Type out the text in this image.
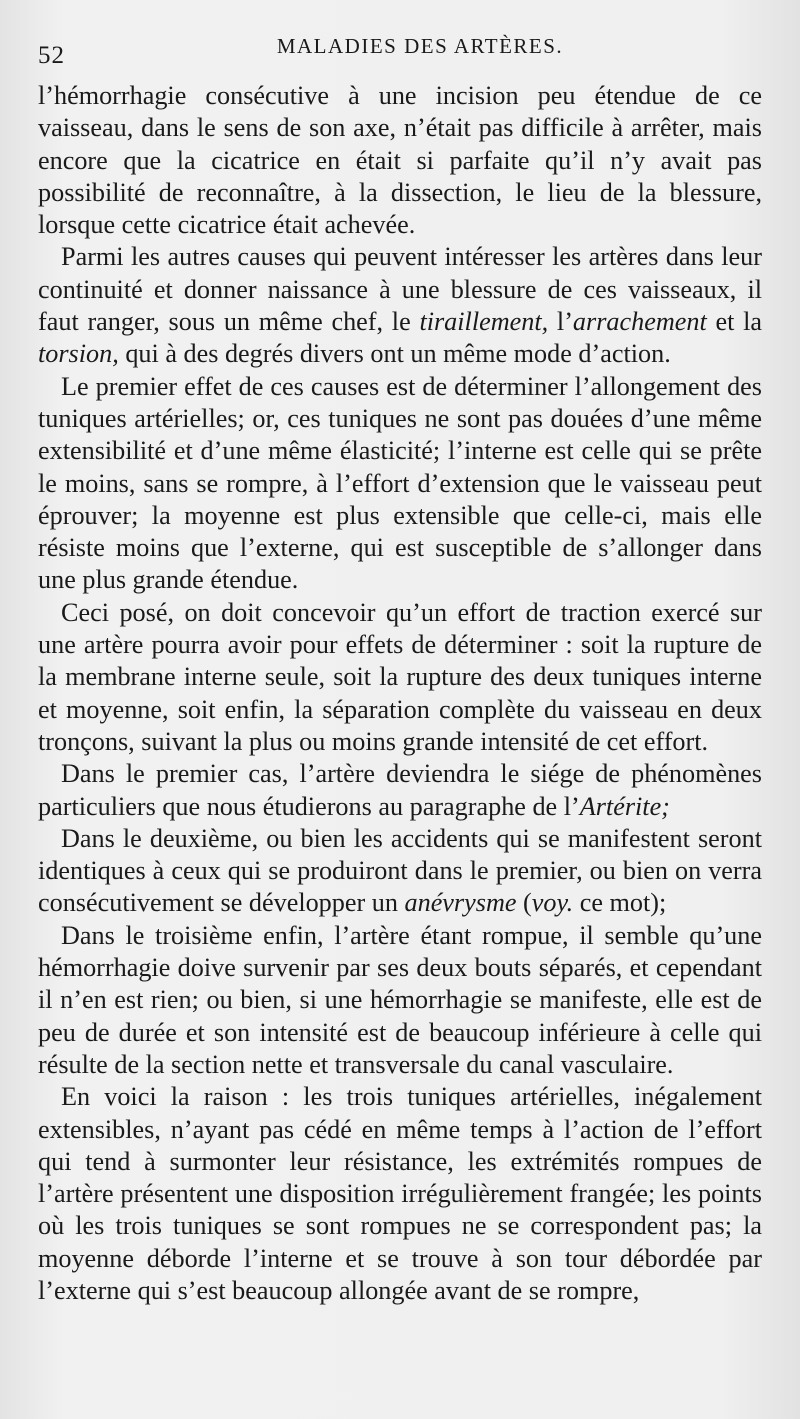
52	MALADIES DES ARTÈRES.

l’hémorrhagie consécutive à une incision peu étendue de ce vaisseau, dans le sens de son axe, n’était pas difficile à arrêter, mais encore que la cicatrice en était si parfaite qu’il n’y avait pas possibilité de reconnaître, à la dissection, le lieu de la blessure, lorsque cette cicatrice était achevée.

Parmi les autres causes qui peuvent intéresser les artères dans leur continuité et donner naissance à une blessure de ces vaisseaux, il faut ranger, sous un même chef, le tiraillement, l’arrachement et la torsion, qui à des degrés divers ont un même mode d’action.

Le premier effet de ces causes est de déterminer l’allongement des tuniques artérielles; or, ces tuniques ne sont pas douées d’une même extensibilité et d’une même élasticité; l’interne est celle qui se prête le moins, sans se rompre, à l’effort d’extension que le vaisseau peut éprouver; la moyenne est plus extensible que celle-ci, mais elle résiste moins que l’externe, qui est susceptible de s’allonger dans une plus grande étendue.

Ceci posé, on doit concevoir qu’un effort de traction exercé sur une artère pourra avoir pour effets de déterminer : soit la rupture de la membrane interne seule, soit la rupture des deux tuniques interne et moyenne, soit enfin, la séparation complète du vaisseau en deux tronçons, suivant la plus ou moins grande intensité de cet effort.

Dans le premier cas, l’artère deviendra le siége de phénomènes particuliers que nous étudierons au paragraphe de l’Artérite;

Dans le deuxième, ou bien les accidents qui se manifestent seront identiques à ceux qui se produiront dans le premier, ou bien on verra consécutivement se développer un anévrysme (voy. ce mot);

Dans le troisième enfin, l’artère étant rompue, il semble qu’une hémorrhagie doive survenir par ses deux bouts séparés, et cependant il n’en est rien; ou bien, si une hémorrhagie se manifeste, elle est de peu de durée et son intensité est de beaucoup inférieure à celle qui résulte de la section nette et transversale du canal vasculaire.

En voici la raison : les trois tuniques artérielles, inégalement extensibles, n’ayant pas cédé en même temps à l’action de l’effort qui tend à surmonter leur résistance, les extrémités rompues de l’artère présentent une disposition irrégulièrement frangée; les points où les trois tuniques se sont rompues ne se correspondent pas; la moyenne déborde l’interne et se trouve à son tour débordée par l’externe qui s’est beaucoup allongée avant de se rompre,
